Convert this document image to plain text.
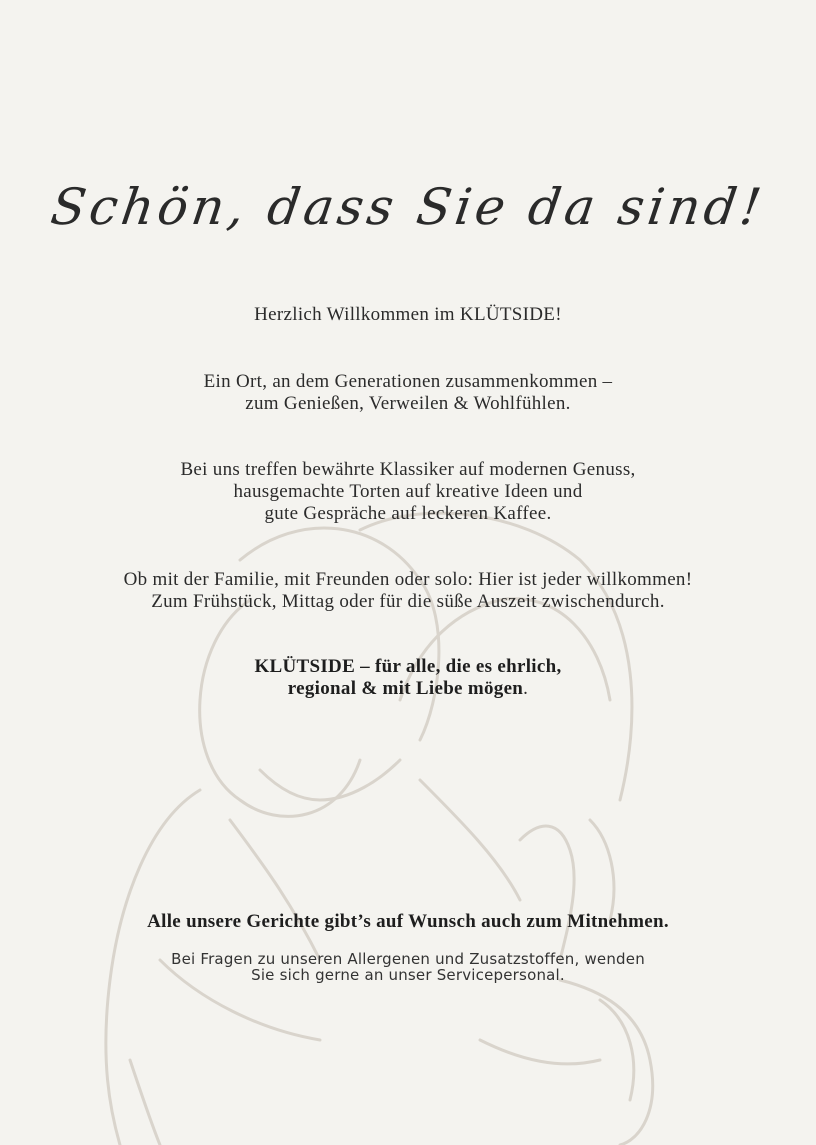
Schön, dass Sie da sind!
Herzlich Willkommen im KLÜTSIDE!
Ein Ort, an dem Generationen zusammenkommen –
zum Genießen, Verweilen & Wohlfühlen.
Bei uns treffen bewährte Klassiker auf modernen Genuss,
hausgemachte Torten auf kreative Ideen und
gute Gespräche auf leckeren Kaffee.
Ob mit der Familie, mit Freunden oder solo: Hier ist jeder willkommen!
Zum Frühstück, Mittag oder für die süße Auszeit zwischendurch.
KLÜTSIDE – für alle, die es ehrlich,
regional & mit Liebe mögen.
Alle unsere Gerichte gibt’s auf Wunsch auch zum Mitnehmen.
Bei Fragen zu unseren Allergenen und Zusatzstoffen, wenden
Sie sich gerne an unser Servicepersonal.
